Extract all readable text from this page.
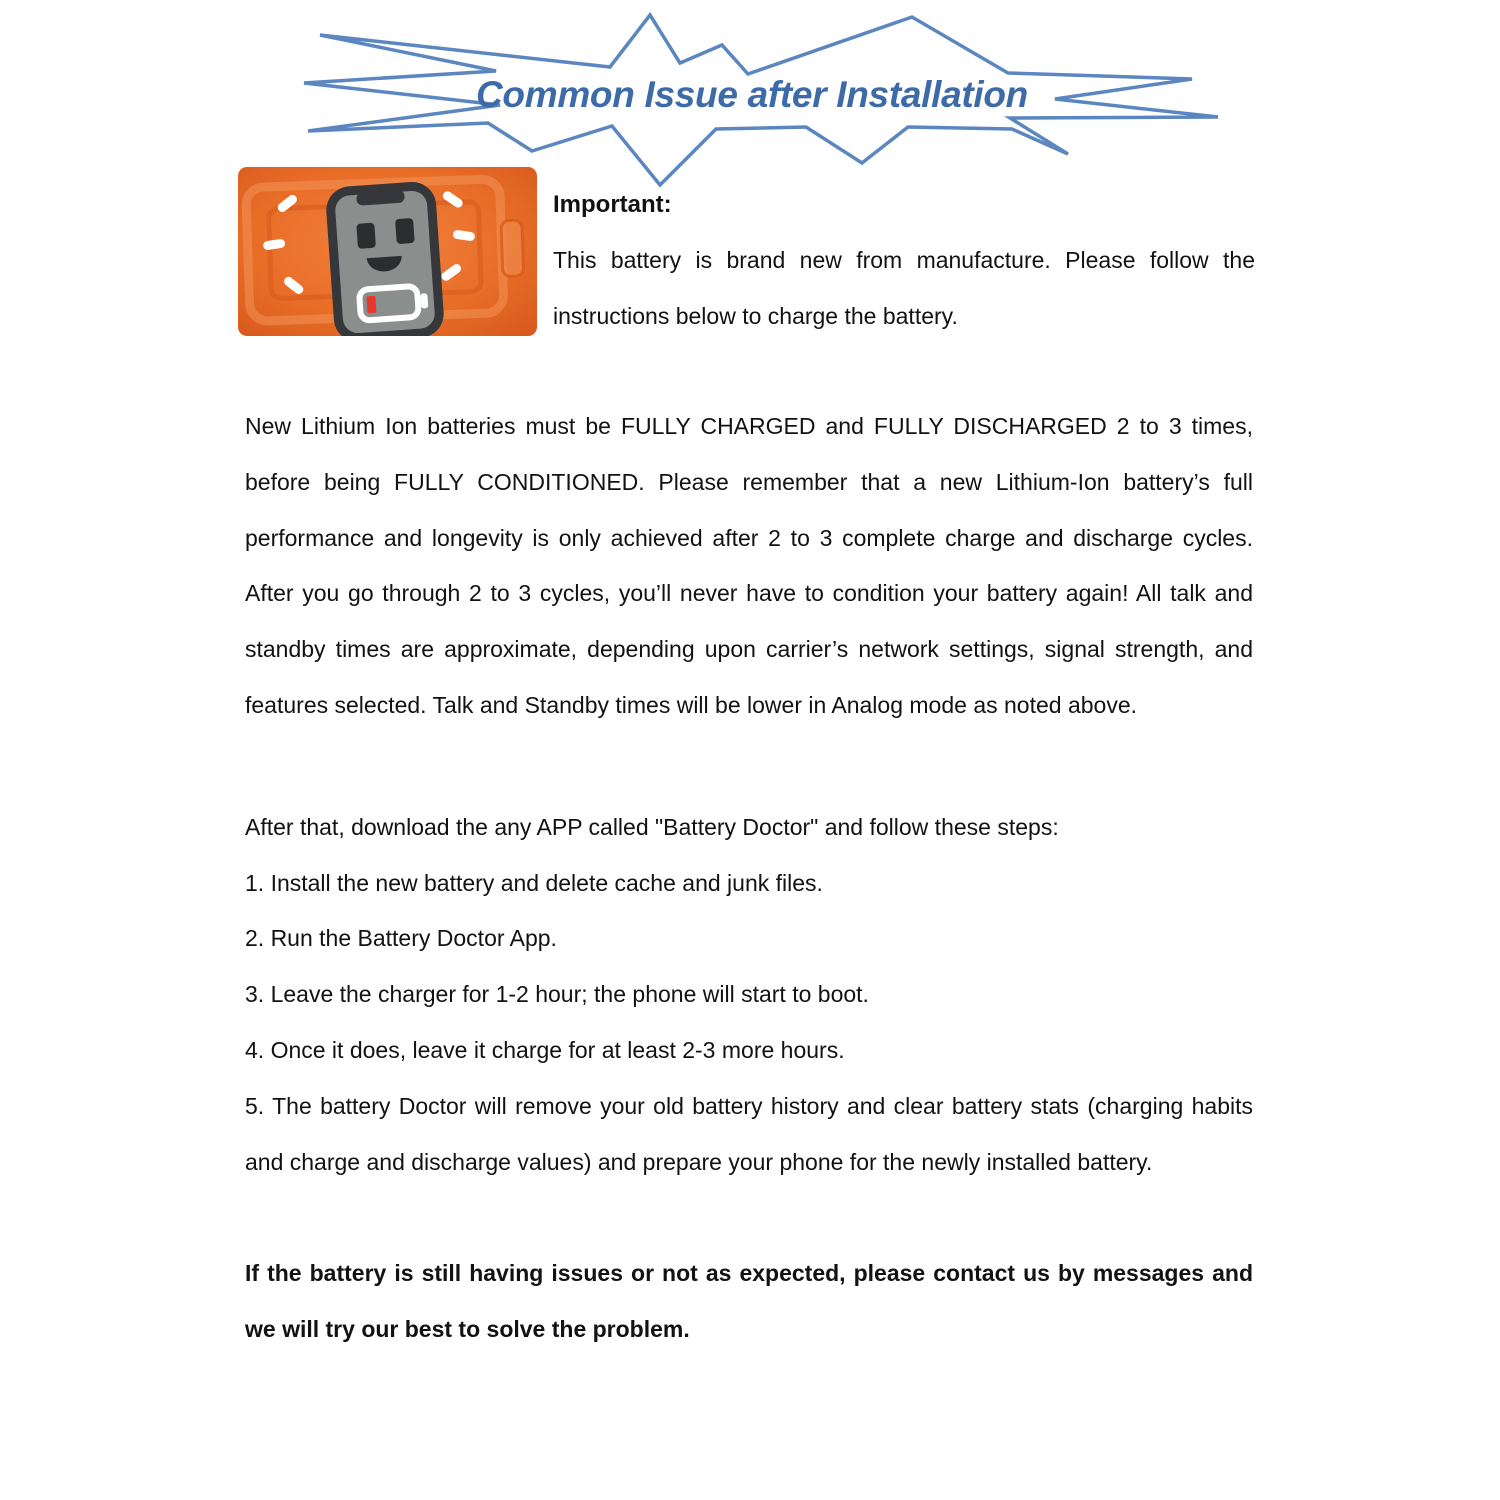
Common Issue after Installation
Important:

This battery is brand new from manufacture. Please follow the instructions below to charge the battery.

New Lithium Ion batteries must be FULLY CHARGED and FULLY DISCHARGED 2 to 3 times, before being FULLY CONDITIONED. Please remember that a new Lithium-Ion battery’s full performance and longevity is only achieved after 2 to 3 complete charge and discharge cycles. After you go through 2 to 3 cycles, you’ll never have to condition your battery again! All talk and standby times are approximate, depending upon carrier’s network settings, signal strength, and features selected. Talk and Standby times will be lower in Analog mode as noted above.

After that, download the any APP called "Battery Doctor" and follow these steps:

1. Install the new battery and delete cache and junk files.

2. Run the Battery Doctor App.

3. Leave the charger for 1-2 hour; the phone will start to boot.

4. Once it does, leave it charge for at least 2-3 more hours.

5. The battery Doctor will remove your old battery history and clear battery stats (charging habits and charge and discharge values) and prepare your phone for the newly installed battery.

If the battery is still having issues or not as expected, please contact us by messages and we will try our best to solve the problem.
